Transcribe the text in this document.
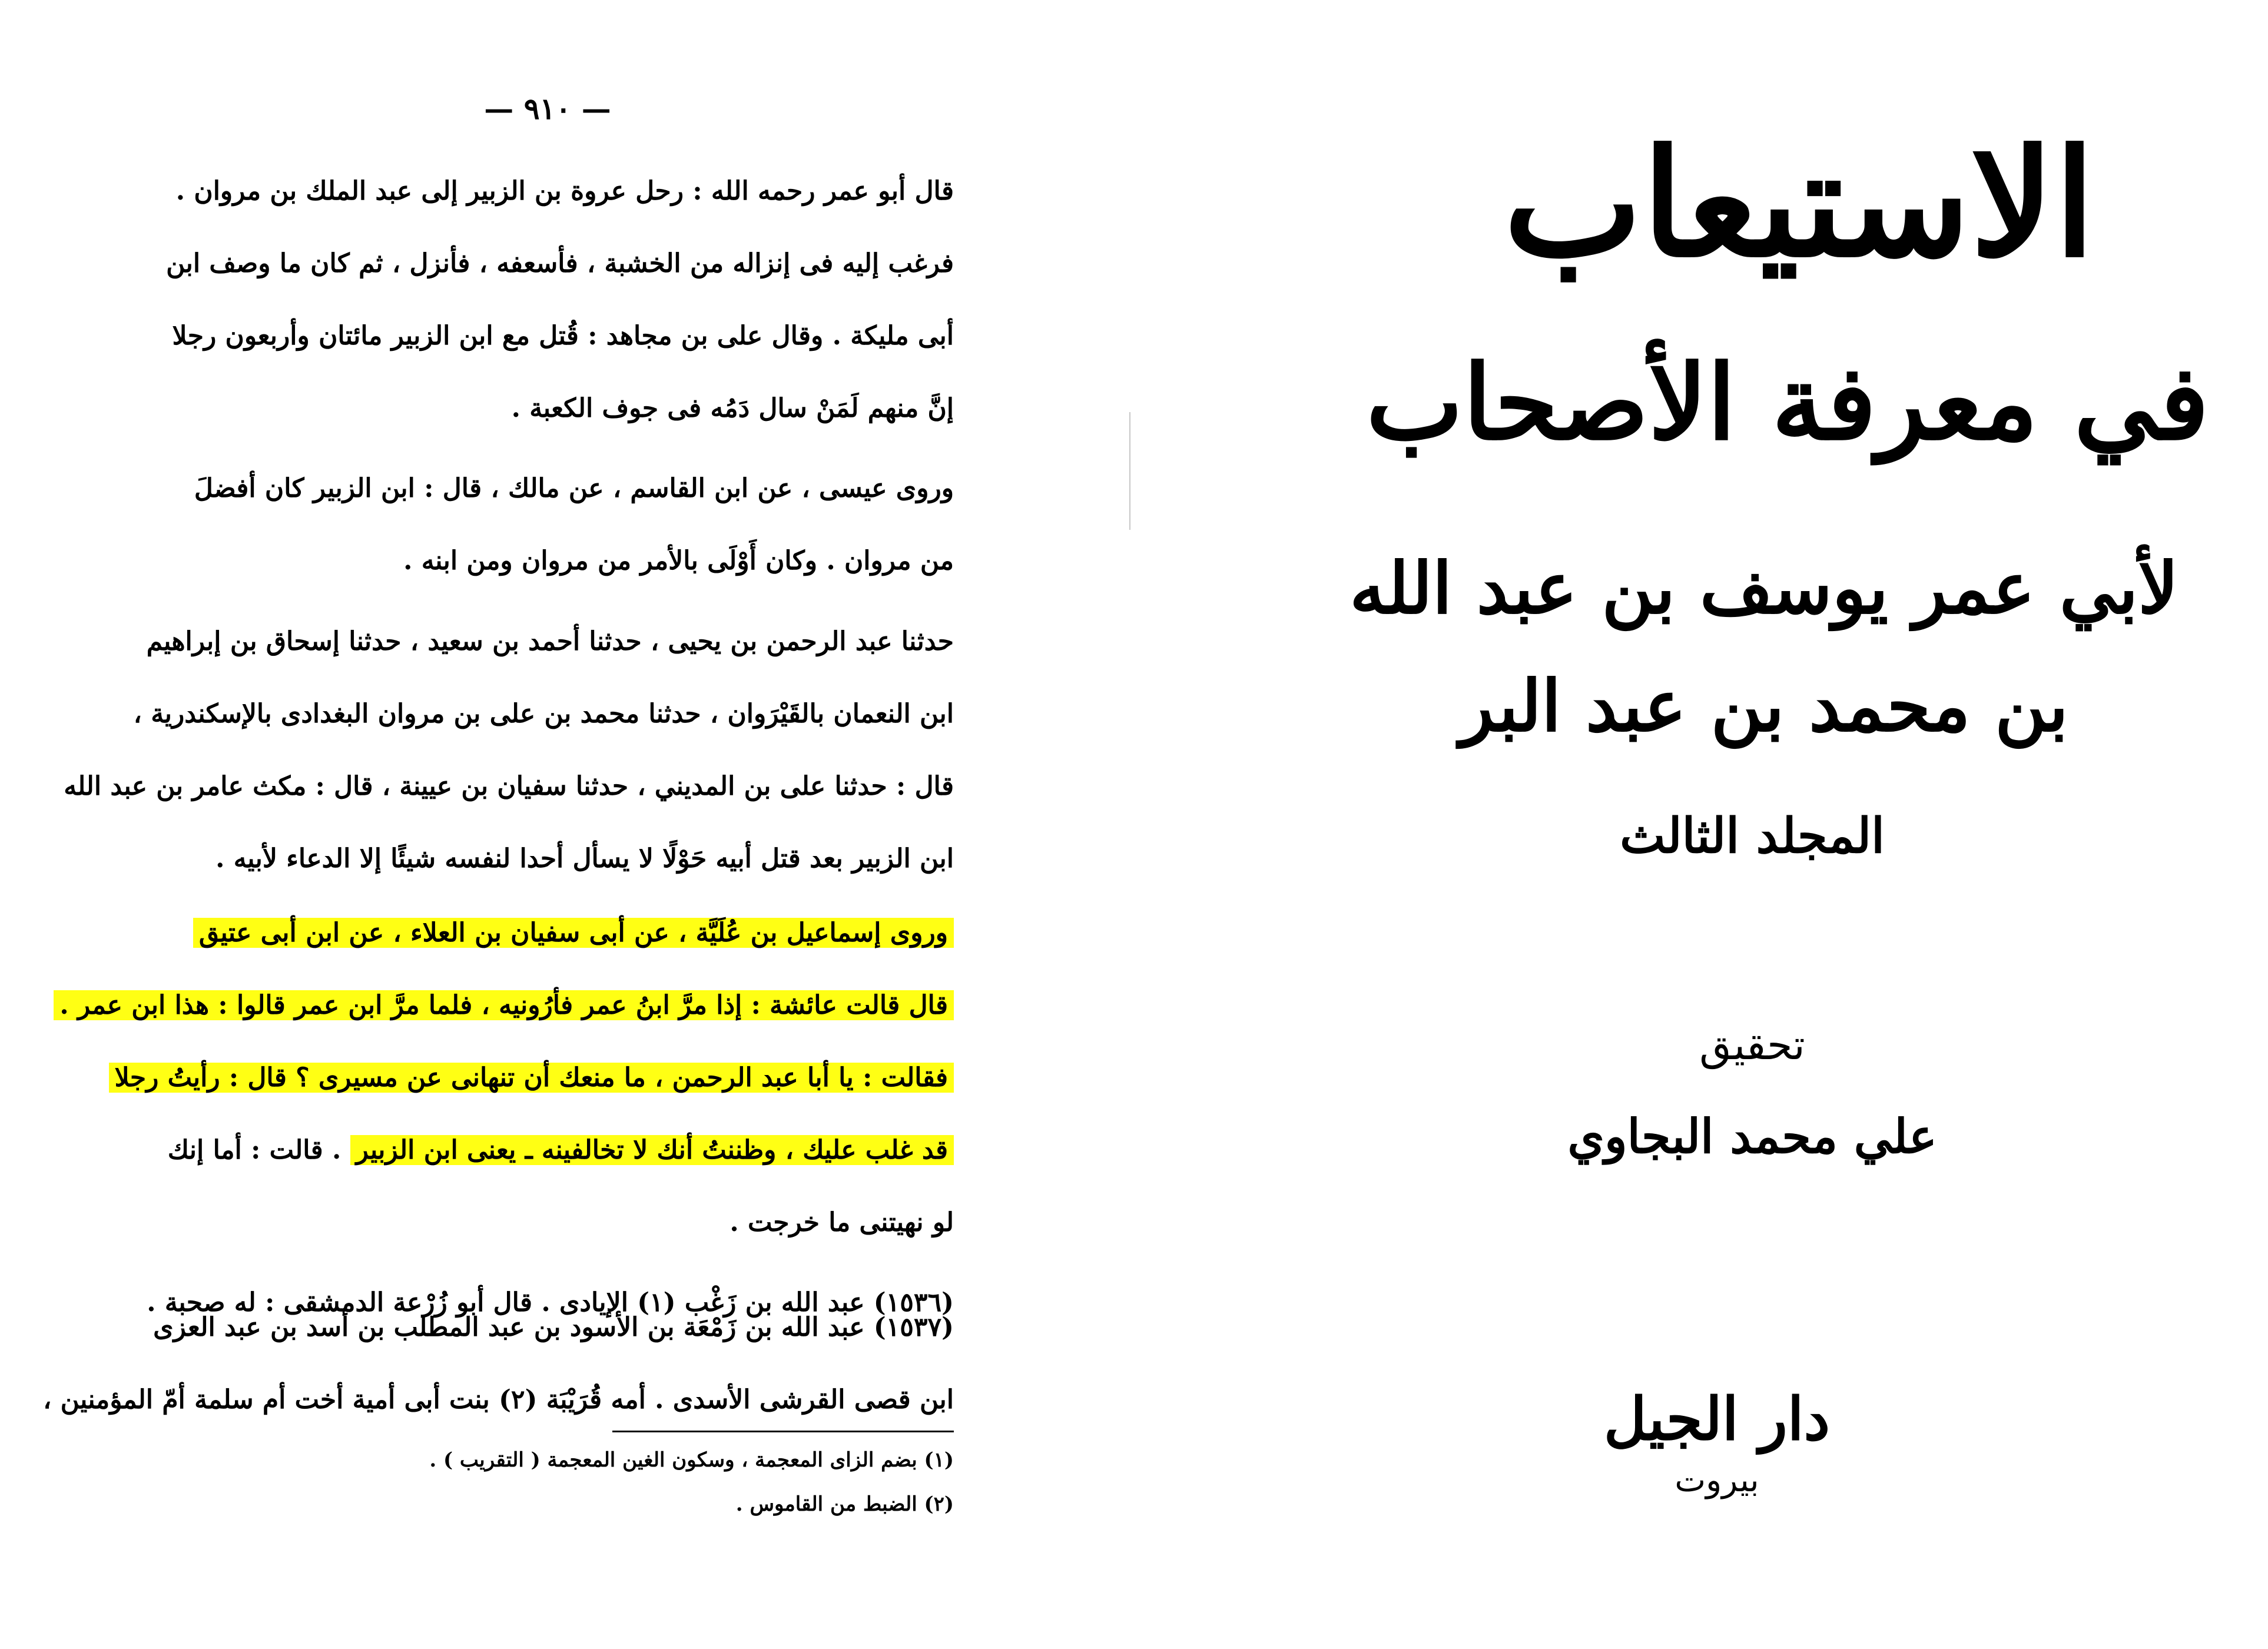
— ٩١٠ —
قال أبو عمر رحمه الله : رحل عروة بن الزبير إلى عبد الملك بن مروان .
فرغب إليه فى إنزاله من الخشبة ، فأسعفه ، فأنزل ، ثم كان ما وصف ابن
أبى مليكة . وقال على بن مجاهد : قُتل مع ابن الزبير مائتان وأربعون رجلا
إنَّ منهم لَمَنْ سال دَمُه فى جوف الكعبة .
وروى عيسى ، عن ابن القاسم ، عن مالك ، قال : ابن الزبير كان أفضلَ
من مروان . وكان أَوْلَى بالأمر من مروان ومن ابنه .
حدثنا عبد الرحمن بن يحيى ، حدثنا أحمد بن سعيد ، حدثنا إسحاق بن إبراهيم
ابن النعمان بالقَيْرَوان ، حدثنا محمد بن على بن مروان البغدادى بالإسكندرية ،
قال : حدثنا على بن المديني ، حدثنا سفيان بن عيينة ، قال : مكث عامر بن عبد الله
ابن الزبير بعد قتل أبيه حَوْلًا لا يسأل أحدا لنفسه شيئًا إلا الدعاء لأبيه .
وروى إسماعيل بن عُلَيَّة ، عن أبى سفيان بن العلاء ، عن ابن أبى عتيق
قال قالت عائشة : إذا مرَّ ابنُ عمر فأرُونيه ، فلما مرَّ ابن عمر قالوا : هذا ابن عمر .
فقالت : يا أبا عبد الرحمن ، ما منعك أن تنهانى عن مسيرى ؟ قال : رأيتُ رجلا
قد غلب عليك ، وظننتُ أنك لا تخالفينه ـ يعنى ابن الزبير . قالت : أما إنك
لو نهيتنى ما خرجت .
(١٥٣٦) عبد الله بن زَغْب (١) الإيادى . قال أبو زُرْعة الدمشقى : له صحبة .
(١٥٣٧) عبد الله بن زَمْعَة بن الأسود بن عبد المطلب بن أسد بن عبد العزى
ابن قصى القرشى الأسدى . أمه قُرَيْبَة (٢) بنت أبى أمية أخت أم سلمة أمّ المؤمنين ،
(١) بضم الزاى المعجمة ، وسكون الغين المعجمة ( التقريب ) .
(٢) الضبط من القاموس .
الاستيعاب
في معرفة الأصحاب
لأبي عمر يوسف بن عبد الله بن محمد بن عبد البر
المجلد الثالث
تحقيق
علي محمد البجاوي
دار الجيل
بيروت
